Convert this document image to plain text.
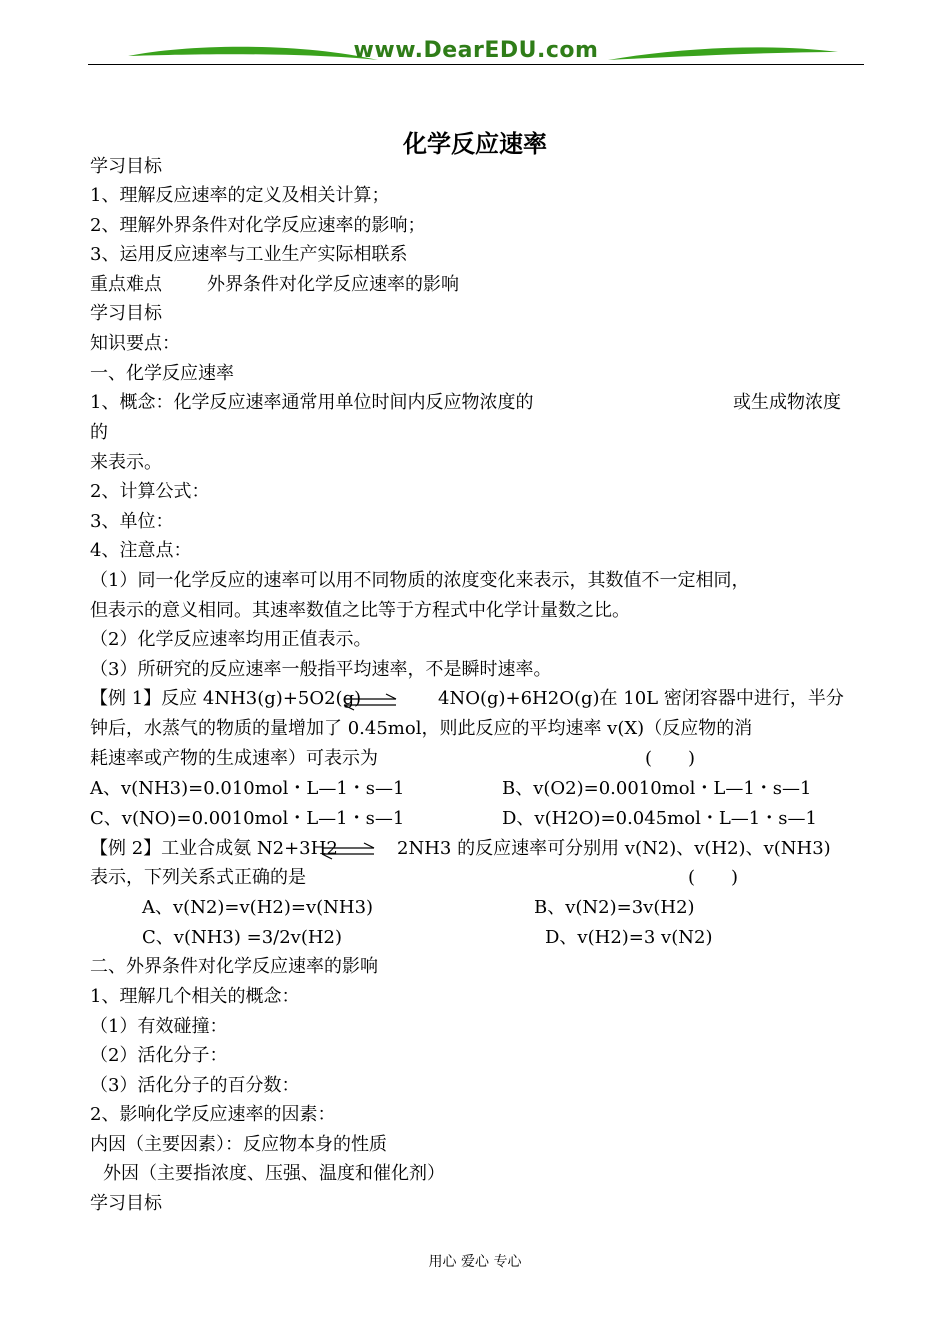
www.DearEDU.com
化学反应速率
学习目标
1、理解反应速率的定义及相关计算；
2、理解外界条件对化学反应速率的影响；
3、运用反应速率与工业生产实际相联系
重点难点	外界条件对化学反应速率的影响
学习目标
知识要点：
一、化学反应速率
1、概念：化学反应速率通常用单位时间内反应物浓度的	或生成物浓度
的
来表示。
2、计算公式：
3、单位：
4、注意点：
（1）同一化学反应的速率可以用不同物质的浓度变化来表示，其数值不一定相同，
但表示的意义相同。其速率数值之比等于方程式中化学计量数之比。
（2）化学反应速率均用正值表示。
（3）所研究的反应速率一般指平均速率，不是瞬时速率。
【例 1】反应 4NH3(g)+5O2(g)	4NO(g)+6H2O(g)在 10L 密闭容器中进行，半分
钟后，水蒸气的物质的量增加了 0.45mol，则此反应的平均速率 v(X)（反应物的消
耗速率或产物的生成速率）可表示为	(　　)
A、v(NH3)=0.010mol・L—1・s—1	B、v(O2)=0.0010mol・L—1・s—1
C、v(NO)=0.0010mol・L—1・s—1	D、v(H2O)=0.045mol・L—1・s—1
【例 2】工业合成氨 N2+3H2 ⇌ 2NH3 的反应速率可分别用 v(N2)、v(H2)、v(NH3)
表示，下列关系式正确的是	(　　)
A、v(N2)=v(H2)=v(NH3)	B、v(N2)=3v(H2)
C、v(NH3) =3/2v(H2)	D、v(H2)=3 v(N2)
二、外界条件对化学反应速率的影响
1、理解几个相关的概念：
（1）有效碰撞：
（2）活化分子：
（3）活化分子的百分数：
2、影响化学反应速率的因素：
内因（主要因素）：反应物本身的性质
外因（主要指浓度、压强、温度和催化剂）
学习目标
用心 爱心 专心
